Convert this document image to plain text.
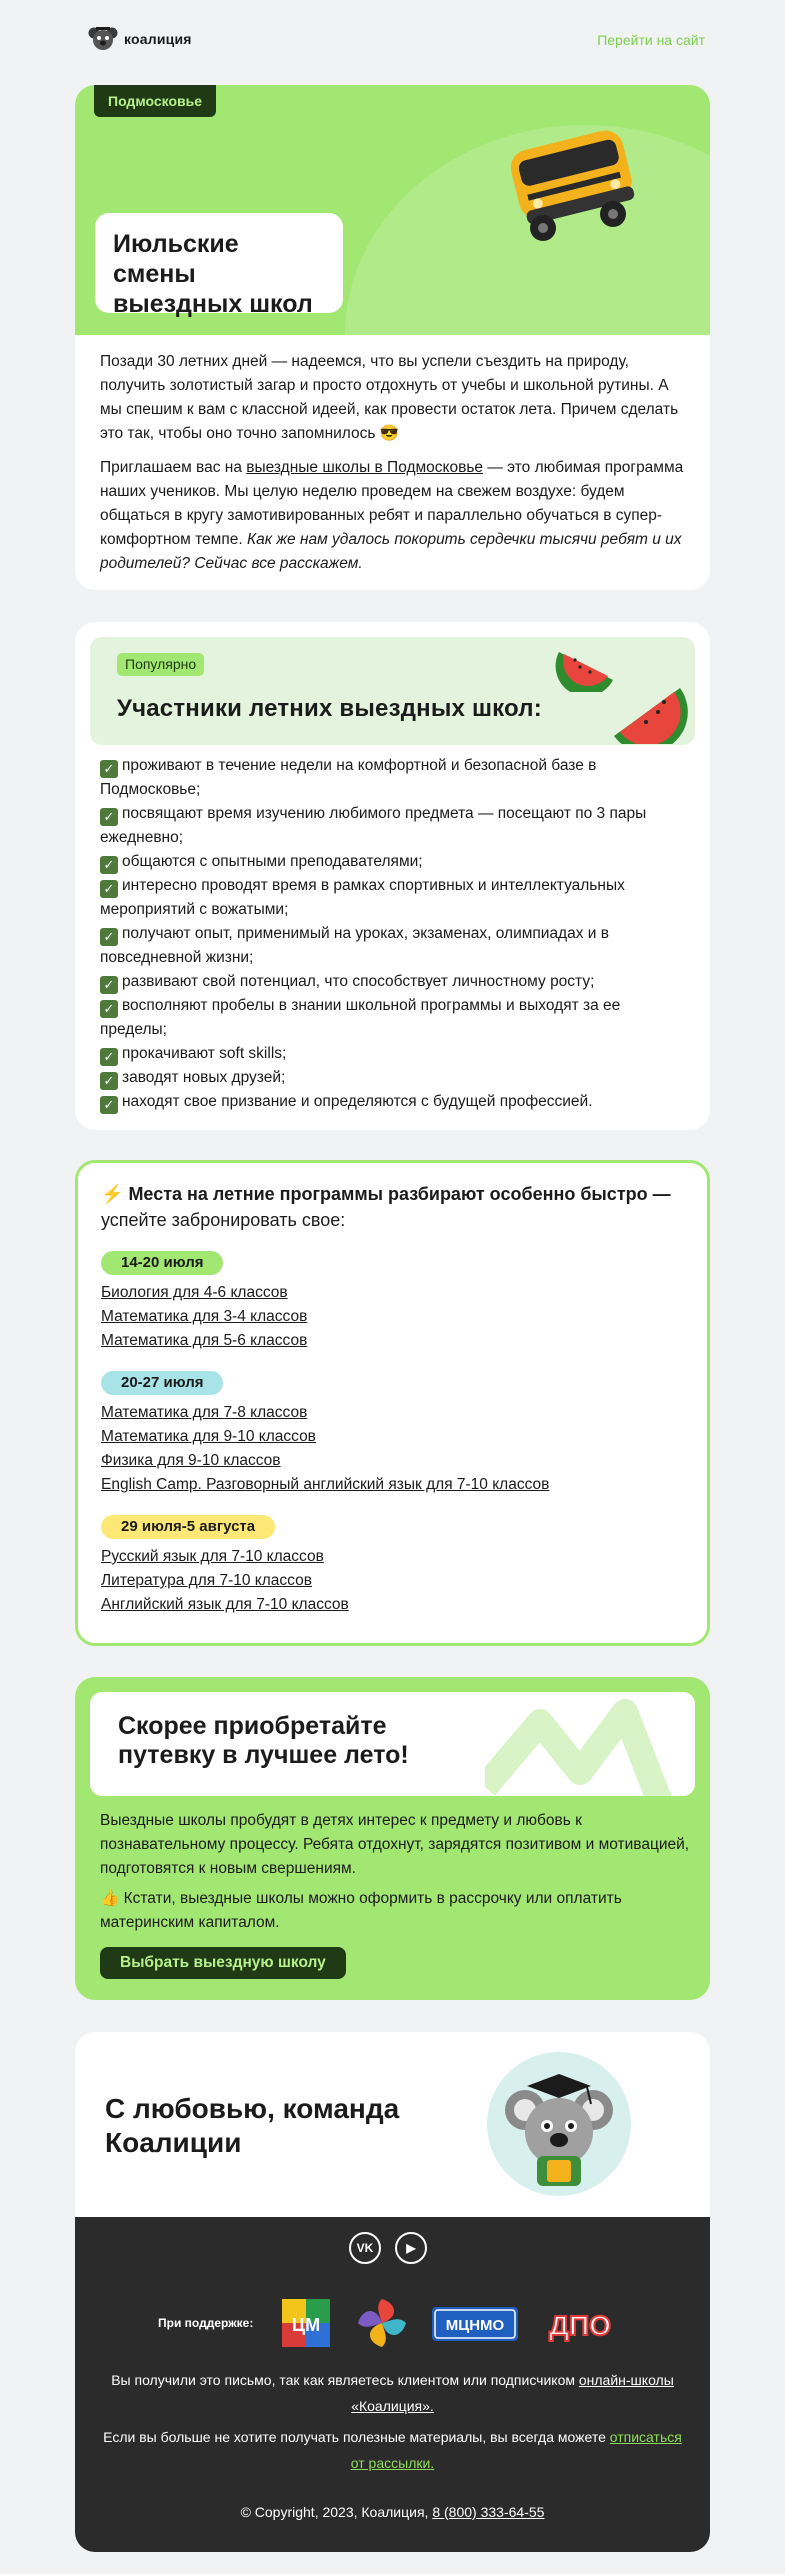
коалиция	Перейти на сайт
Подмосковье
Июльские смены выездных школ

Позади 30 летних дней — надеемся, что вы успели съездить на природу, получить золотистый загар и просто отдохнуть от учебы и школьной рутины. А мы спешим к вам с классной идеей, как провести остаток лета. Причем сделать это так, чтобы оно точно запомнилось 😎

Приглашаем вас на выездные школы в Подмосковье — это любимая программа наших учеников. Мы целую неделю проведем на свежем воздухе: будем общаться в кругу замотивированных ребят и параллельно обучаться в супер-комфортном темпе. Как же нам удалось покорить сердечки тысячи ребят и их родителей? Сейчас все расскажем.

Популярно
Участники летних выездных школ:
✓ проживают в течение недели на комфортной и безопасной базе в Подмосковье;
✓ посвящают время изучению любимого предмета — посещают по 3 пары ежедневно;
✓ общаются с опытными преподавателями;
✓ интересно проводят время в рамках спортивных и интеллектуальных мероприятий с вожатыми;
✓ получают опыт, применимый на уроках, экзаменах, олимпиадах и в повседневной жизни;
✓ развивают свой потенциал, что способствует личностному росту;
✓ восполняют пробелы в знании школьной программы и выходят за ее пределы;
✓ прокачивают soft skills;
✓ заводят новых друзей;
✓ находят свое призвание и определяются с будущей профессией.
⚡ Места на летние программы разбирают особенно быстро — успейте забронировать свое:
14-20 июля
Биология для 4-6 классов
Математика для 3-4 классов
Математика для 5-6 классов
20-27 июля
Математика для 7-8 классов
Математика для 9-10 классов
Физика для 9-10 классов
English Camp. Разговорный английский язык для 7-10 классов
29 июля-5 августа
Русский язык для 7-10 классов
Литература для 7-10 классов
Английский язык для 7-10 классов
Скорее приобретайте путевку в лучшее лето!

Выездные школы пробудят в детях интерес к предмету и любовь к познавательному процессу. Ребята отдохнут, зарядятся позитивом и мотивацией, подготовятся к новым свершениям.

👍 Кстати, выездные школы можно оформить в рассрочку или оплатить материнским капиталом.

Выбрать выездную школу
С любовью, команда Коалиции
VK	▶
При поддержке: ЦМ	МЦНМО ДПО
Вы получили это письмо, так как являетесь клиентом или подписчиком онлайн-школы «Коалиция».
Если вы больше не хотите получать полезные материалы, вы всегда можете отписаться от рассылки.
© Copyright, 2023, Коалиция, 8 (800) 333-64-55
